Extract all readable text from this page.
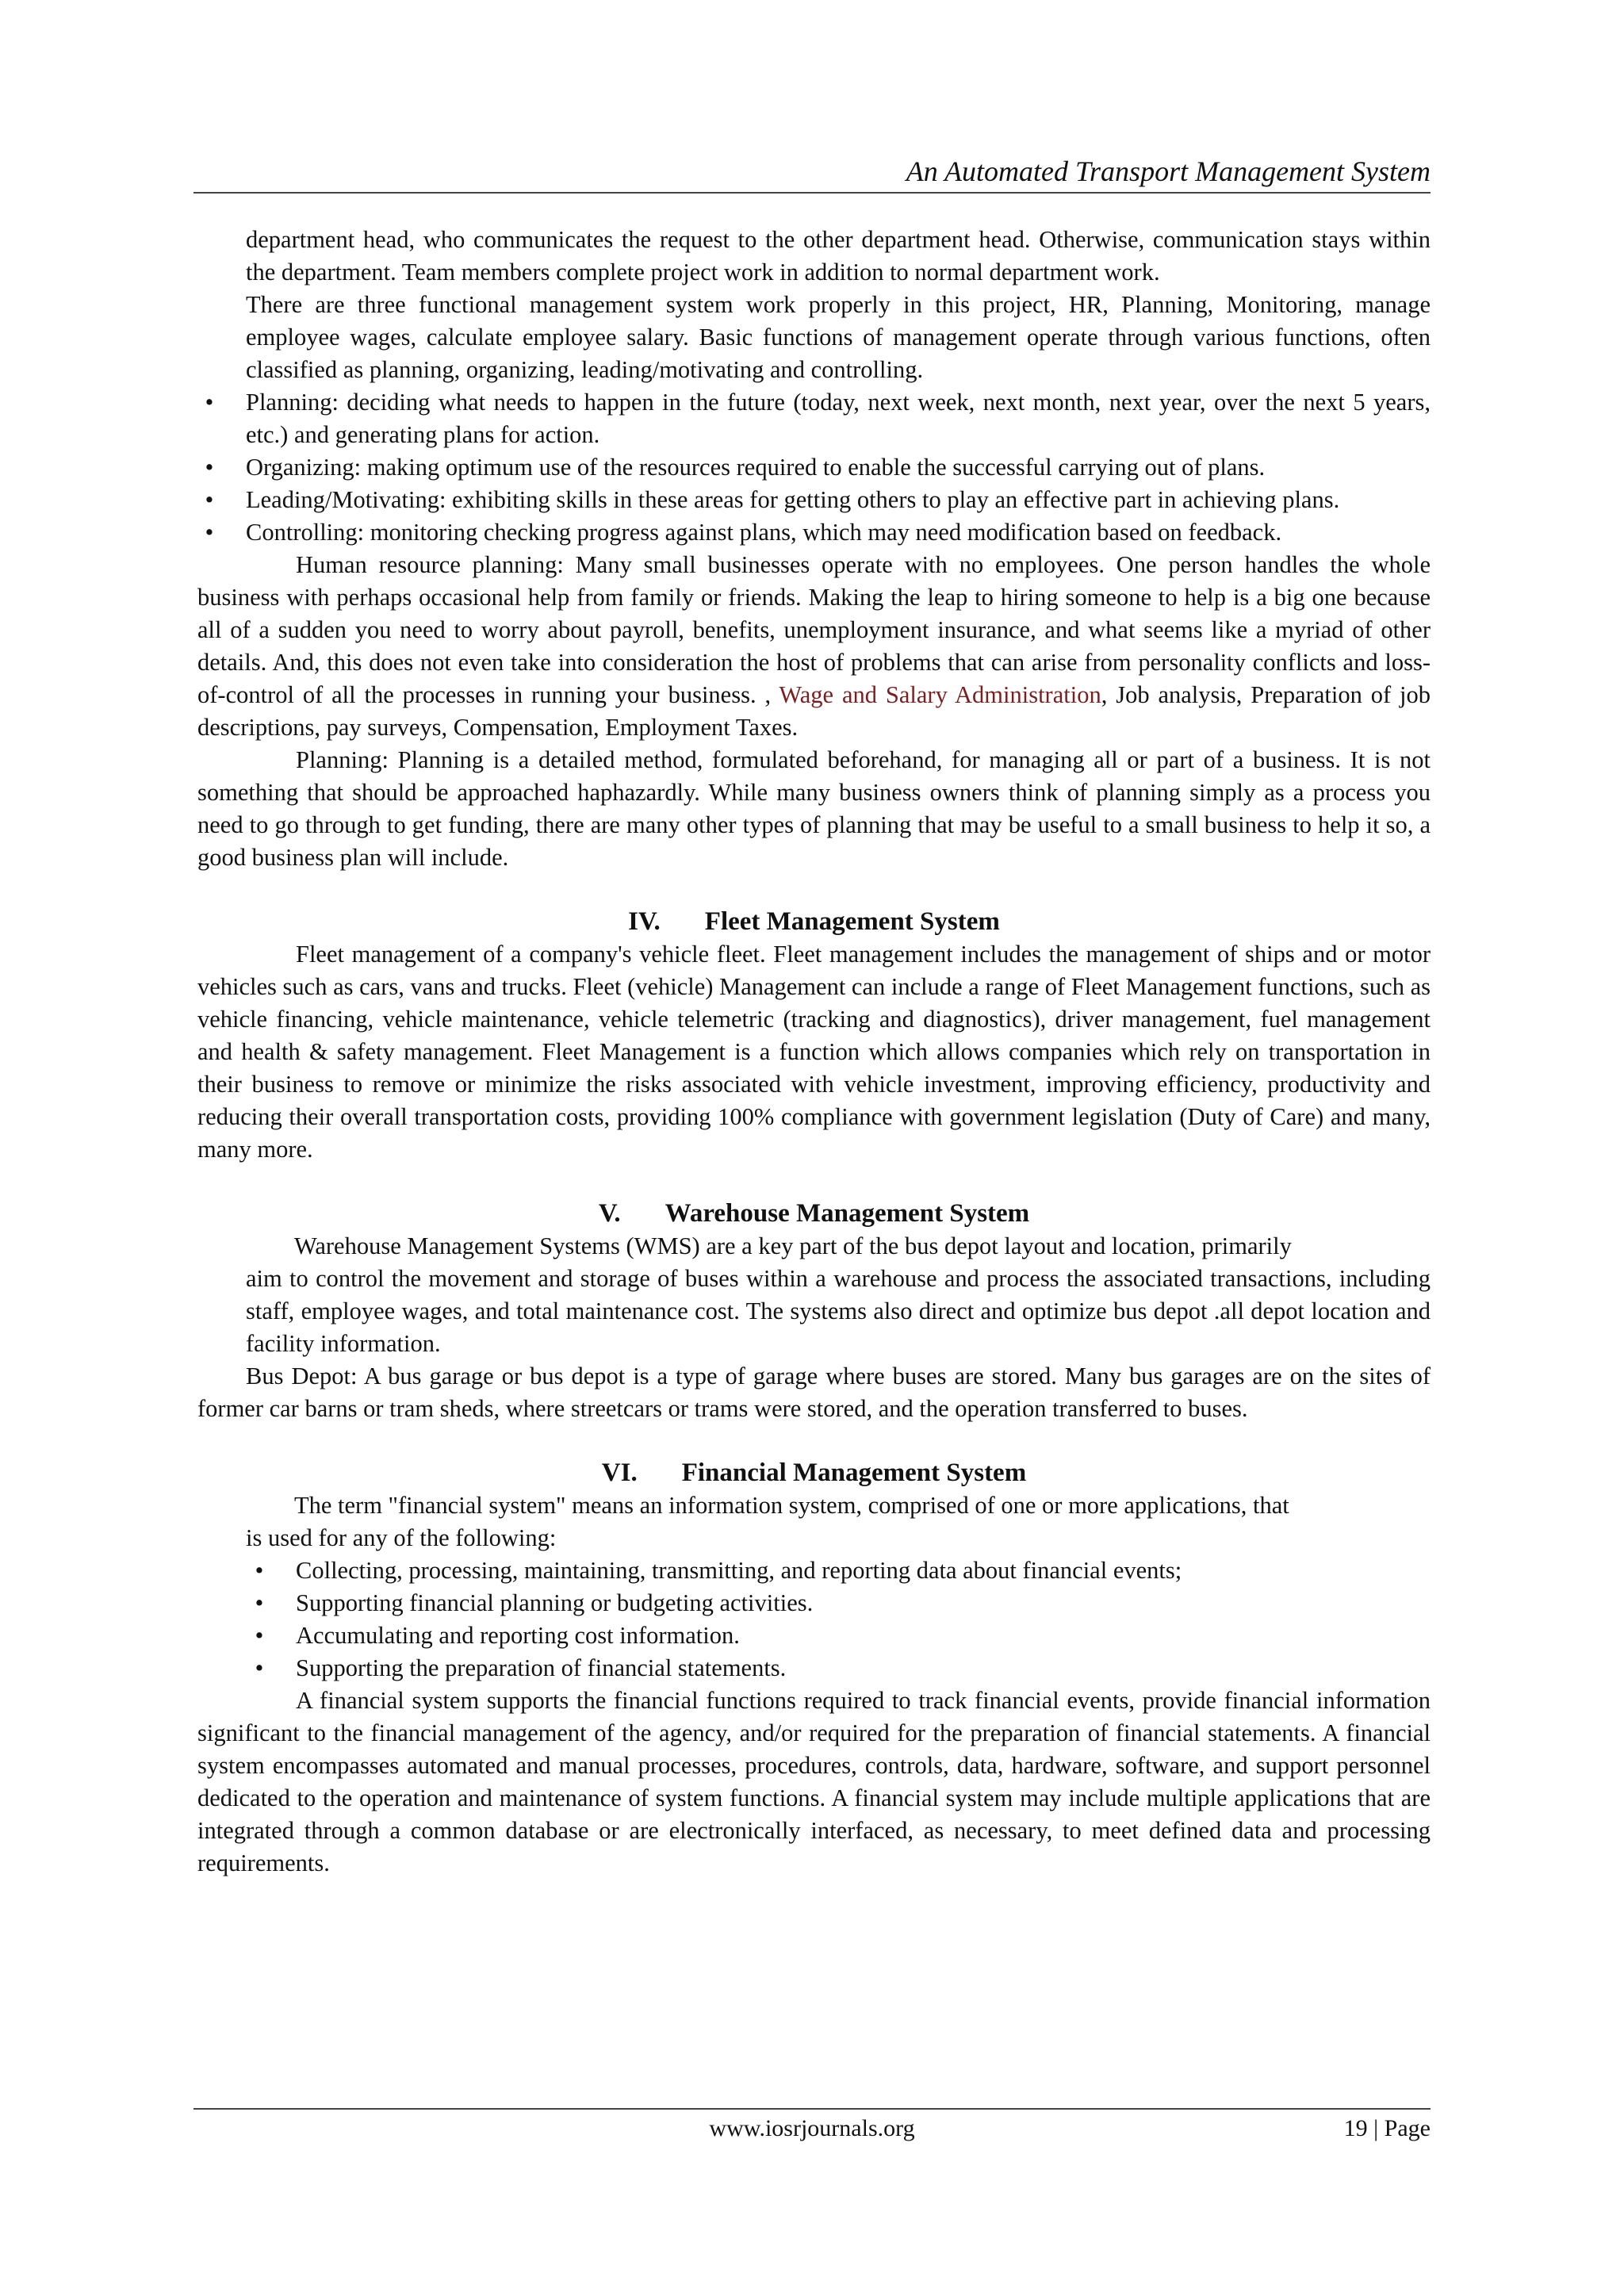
An Automated Transport Management System

department head, who communicates the request to the other department head. Otherwise, communication stays within the department. Team members complete project work in addition to normal department work.

There are three functional management system work properly in this project, HR, Planning, Monitoring, manage employee wages, calculate employee salary. Basic functions of management operate through various functions, often classified as planning, organizing, leading/motivating and controlling.

• Planning: deciding what needs to happen in the future (today, next week, next month, next year, over the next 5 years, etc.) and generating plans for action.
• Organizing: making optimum use of the resources required to enable the successful carrying out of plans.
• Leading/Motivating: exhibiting skills in these areas for getting others to play an effective part in achieving plans.
• Controlling: monitoring checking progress against plans, which may need modification based on feedback.

Human resource planning: Many small businesses operate with no employees. One person handles the whole business with perhaps occasional help from family or friends. Making the leap to hiring someone to help is a big one because all of a sudden you need to worry about payroll, benefits, unemployment insurance, and what seems like a myriad of other details. And, this does not even take into consideration the host of problems that can arise from personality conflicts and loss-of-control of all the processes in running your business. , Wage and Salary Administration, Job analysis, Preparation of job descriptions, pay surveys, Compensation, Employment Taxes.

Planning: Planning is a detailed method, formulated beforehand, for managing all or part of a business. It is not something that should be approached haphazardly. While many business owners think of planning simply as a process you need to go through to get funding, there are many other types of planning that may be useful to a small business to help it so, a good business plan will include.

IV. Fleet Management System

Fleet management of a company's vehicle fleet. Fleet management includes the management of ships and or motor vehicles such as cars, vans and trucks. Fleet (vehicle) Management can include a range of Fleet Management functions, such as vehicle financing, vehicle maintenance, vehicle telemetric (tracking and diagnostics), driver management, fuel management and health & safety management. Fleet Management is a function which allows companies which rely on transportation in their business to remove or minimize the risks associated with vehicle investment, improving efficiency, productivity and reducing their overall transportation costs, providing 100% compliance with government legislation (Duty of Care) and many, many more.

V. Warehouse Management System

Warehouse Management Systems (WMS) are a key part of the bus depot layout and location, primarily

aim to control the movement and storage of buses within a warehouse and process the associated transactions, including staff, employee wages, and total maintenance cost. The systems also direct and optimize bus depot .all depot location and facility information.

Bus Depot: A bus garage or bus depot is a type of garage where buses are stored. Many bus garages are on the sites of former car barns or tram sheds, where streetcars or trams were stored, and the operation transferred to buses.

VI. Financial Management System

The term "financial system" means an information system, comprised of one or more applications, that

is used for any of the following:

• Collecting, processing, maintaining, transmitting, and reporting data about financial events;
• Supporting financial planning or budgeting activities.
• Accumulating and reporting cost information.
• Supporting the preparation of financial statements.

A financial system supports the financial functions required to track financial events, provide financial information significant to the financial management of the agency, and/or required for the preparation of financial statements. A financial system encompasses automated and manual processes, procedures, controls, data, hardware, software, and support personnel dedicated to the operation and maintenance of system functions. A financial system may include multiple applications that are integrated through a common database or are electronically interfaced, as necessary, to meet defined data and processing requirements.

www.iosrjournals.org	19 | Page
